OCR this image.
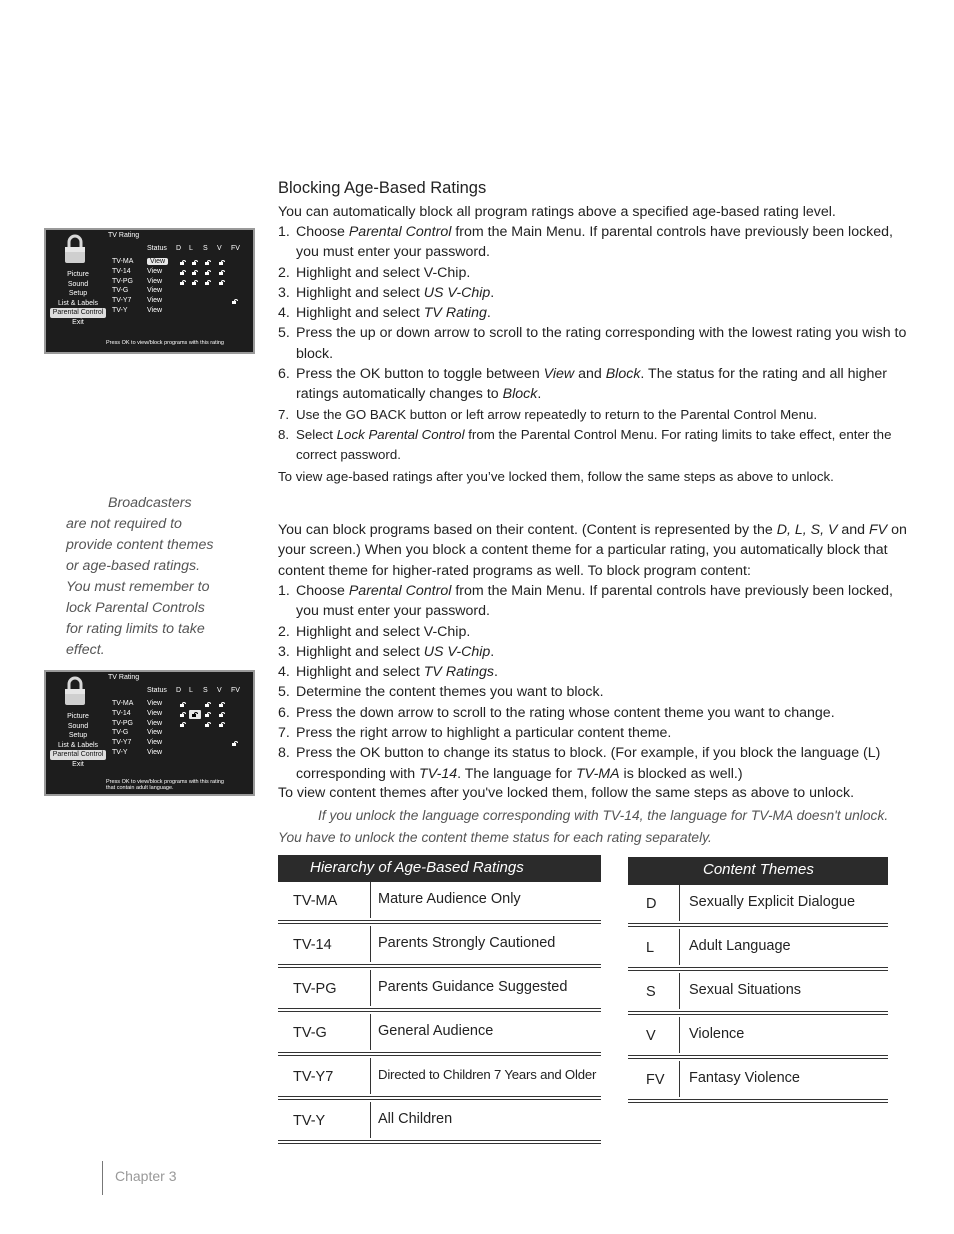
Blocking Age-Based Ratings
You can automatically block all program ratings above a specified age-based rating level.
1. Choose Parental Control from the Main Menu. If parental controls have previously been locked, you must enter your password.
2. Highlight and select V-Chip.
3. Highlight and select US V-Chip.
4. Highlight and select TV Rating.
5. Press the up or down arrow to scroll to the rating corresponding with the lowest rating you wish to block.
6. Press the OK button to toggle between View and Block. The status for the rating and all higher ratings automatically changes to Block.
7. Use the GO BACK button or left arrow repeatedly to return to the Parental Control Menu.
8. Select Lock Parental Control from the Parental Control Menu. For rating limits to take effect, enter the correct password.
To view age-based ratings after you’ve locked them, follow the same steps as above to unlock.
Broadcasters are not required to provide content themes or age-based ratings. You must remember to lock Parental Controls for rating limits to take effect.
You can block programs based on their content. (Content is represented by the D, L, S, V and FV on your screen.) When you block a content theme for a particular rating, you automatically block that content theme for higher-rated programs as well. To block program content:
1. Choose Parental Control from the Main Menu. If parental controls have previously been locked, you must enter your password.
2. Highlight and select V-Chip.
3. Highlight and select US V-Chip.
4. Highlight and select TV Ratings.
5. Determine the content themes you want to block.
6. Press the down arrow to scroll to the rating whose content theme you want to change.
7. Press the right arrow to highlight a particular content theme.
8. Press the OK button to change its status to block. (For example, if you block the language (L) corresponding with TV-14. The language for TV-MA is blocked as well.)
To view content themes after you've locked them, follow the same steps as above to unlock.
If you unlock the language corresponding with TV-14, the language for TV-MA doesn't unlock. You have to unlock the content theme status for each rating separately.
TV Rating
Picture
Sound
Setup
List & Labels
Parental Control
Exit
Status D L S V FV
TV-MA	View
TV-14 View
TV-PG View
TV-G	View
TV-Y7 View
TV-Y	View
Press OK to view/block programs with this rating
TV Rating
Picture
Sound
Setup
List & Labels
Parental Control
Exit
Status D L S V FV
TV-MA View
TV-14 View
TV-PG View
TV-G	View
TV-Y7 View
TV-Y	View
Press OK to view/block programs with this rating
that contain adult language.
Hierarchy of Age-Based Ratings
TV-MA	Mature Audience Only
TV-14	Parents Strongly Cautioned
TV-PG	Parents Guidance Suggested
TV-G	General Audience
TV-Y7	Directed to Children 7 Years and Older
TV-Y	All Children
Content Themes
D Sexually Explicit Dialogue
L Adult Language
S Sexual Situations
V Violence
FV Fantasy Violence
Chapter 3
